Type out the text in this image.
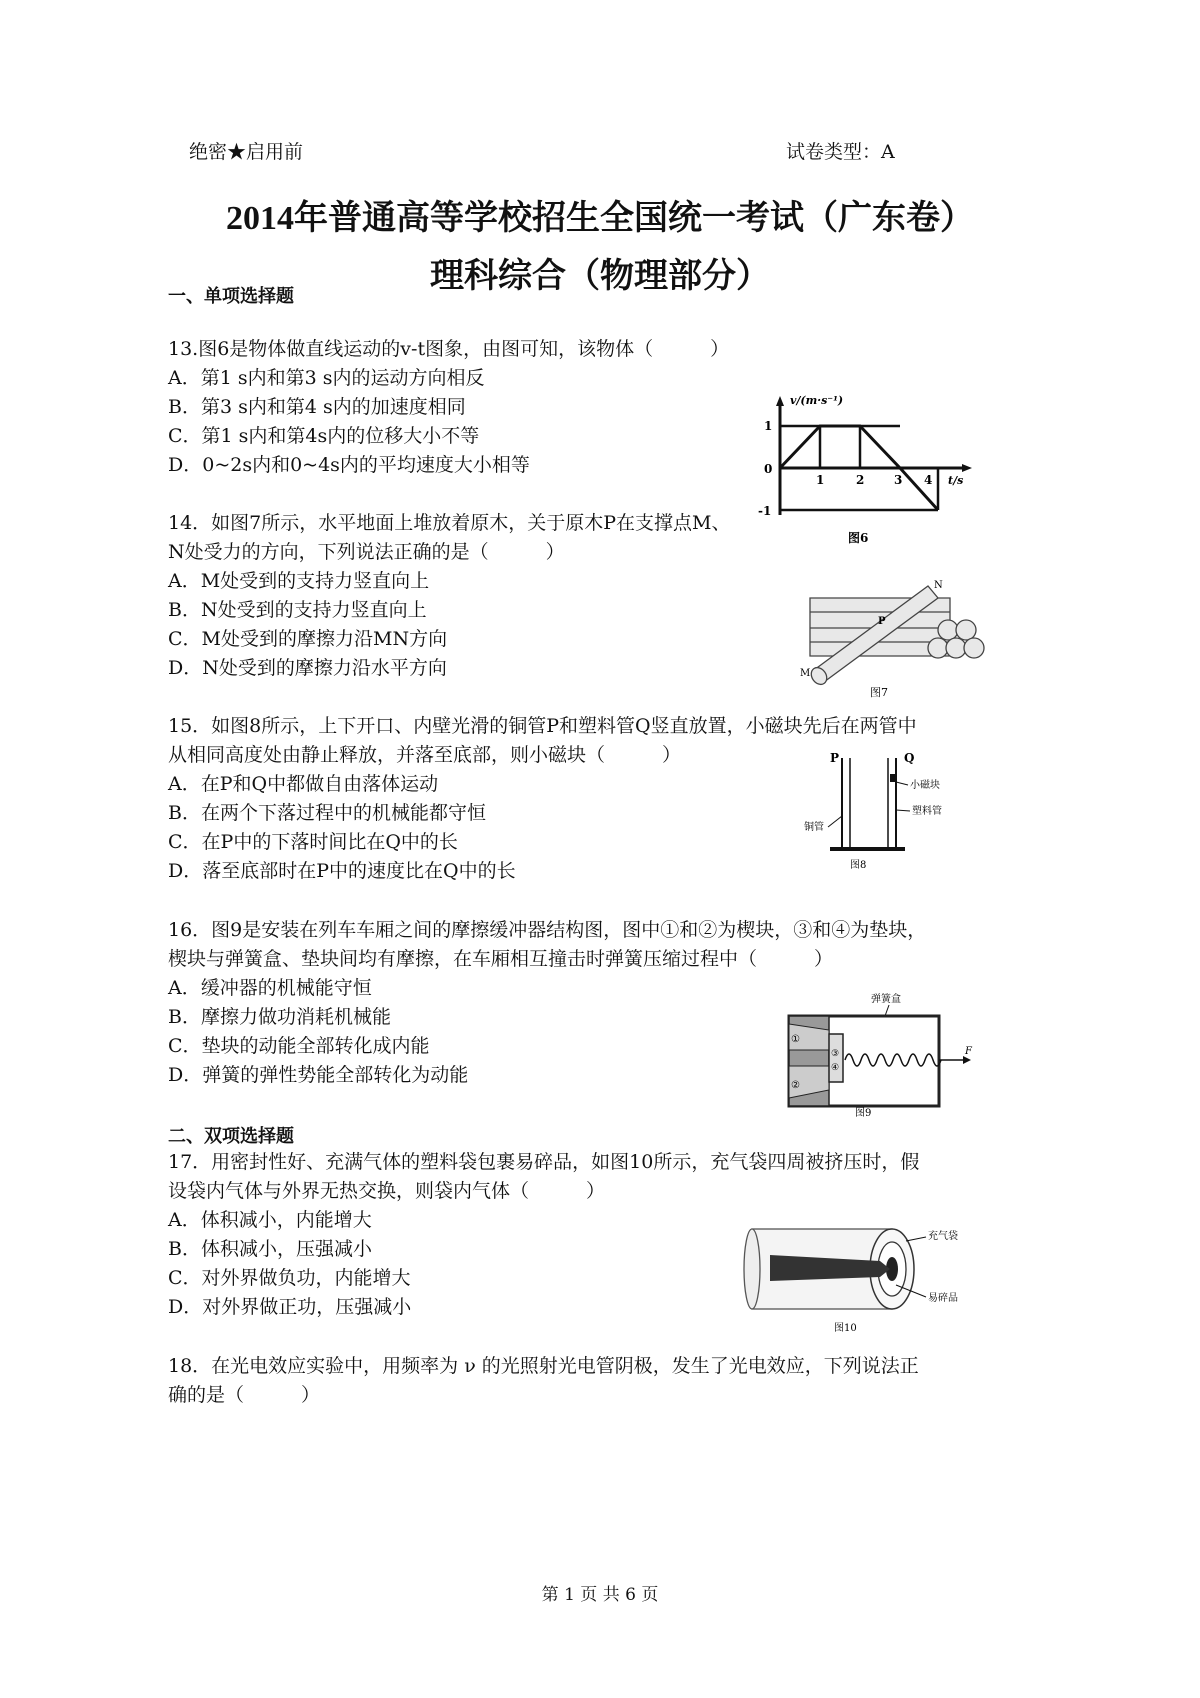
绝密★启用前	试卷类型：A
2014年普通高等学校招生全国统一考试（广东卷）
理科综合（物理部分）
一、单项选择题
13.图6是物体做直线运动的v-t图象，由图可知，该物体（　　　）
A．第1 s内和第3 s内的运动方向相反
B．第3 s内和第4 s内的加速度相同
C．第1 s内和第4s内的位移大小不等
D．0~2s内和0~4s内的平均速度大小相等
v/(m·s⁻¹)
t/s
1
0
-1
1	2 3 4
图6
14．如图7所示，水平地面上堆放着原木，关于原木P在支撑点M、
N处受力的方向，下列说法正确的是（　　　）
A．M处受到的支持力竖直向上
B．N处受到的支持力竖直向上
C．M处受到的摩擦力沿MN方向
D．N处受到的摩擦力沿水平方向
N
P
M
图7
15．如图8所示，上下开口、内壁光滑的铜管P和塑料管Q竖直放置，小磁块先后在两管中
从相同高度处由静止释放，并落至底部，则小磁块（　　　）
A．在P和Q中都做自由落体运动
B．在两个下落过程中的机械能都守恒
C．在P中的下落时间比在Q中的长
D．落至底部时在P中的速度比在Q中的长
P	Q
小磁块
塑料管
铜管
图8
16．图9是安装在列车车厢之间的摩擦缓冲器结构图，图中①和②为楔块，③和④为垫块，
楔块与弹簧盒、垫块间均有摩擦，在车厢相互撞击时弹簧压缩过程中（　　　）
A．缓冲器的机械能守恒
B．摩擦力做功消耗机械能
C．垫块的动能全部转化成内能
D．弹簧的弹性势能全部转化为动能
弹簧盒
①
②
③
④
F
图9
二、双项选择题
17．用密封性好、充满气体的塑料袋包裹易碎品，如图10所示，充气袋四周被挤压时，假
设袋内气体与外界无热交换，则袋内气体（　　　）
A．体积减小，内能增大
B．体积减小，压强减小
C．对外界做负功，内能增大
D．对外界做正功，压强减小
充气袋
易碎品
图10
18．在光电效应实验中，用频率为 ν 的光照射光电管阴极，发生了光电效应，下列说法正
确的是（　　　）
第 1 页 共 6 页
